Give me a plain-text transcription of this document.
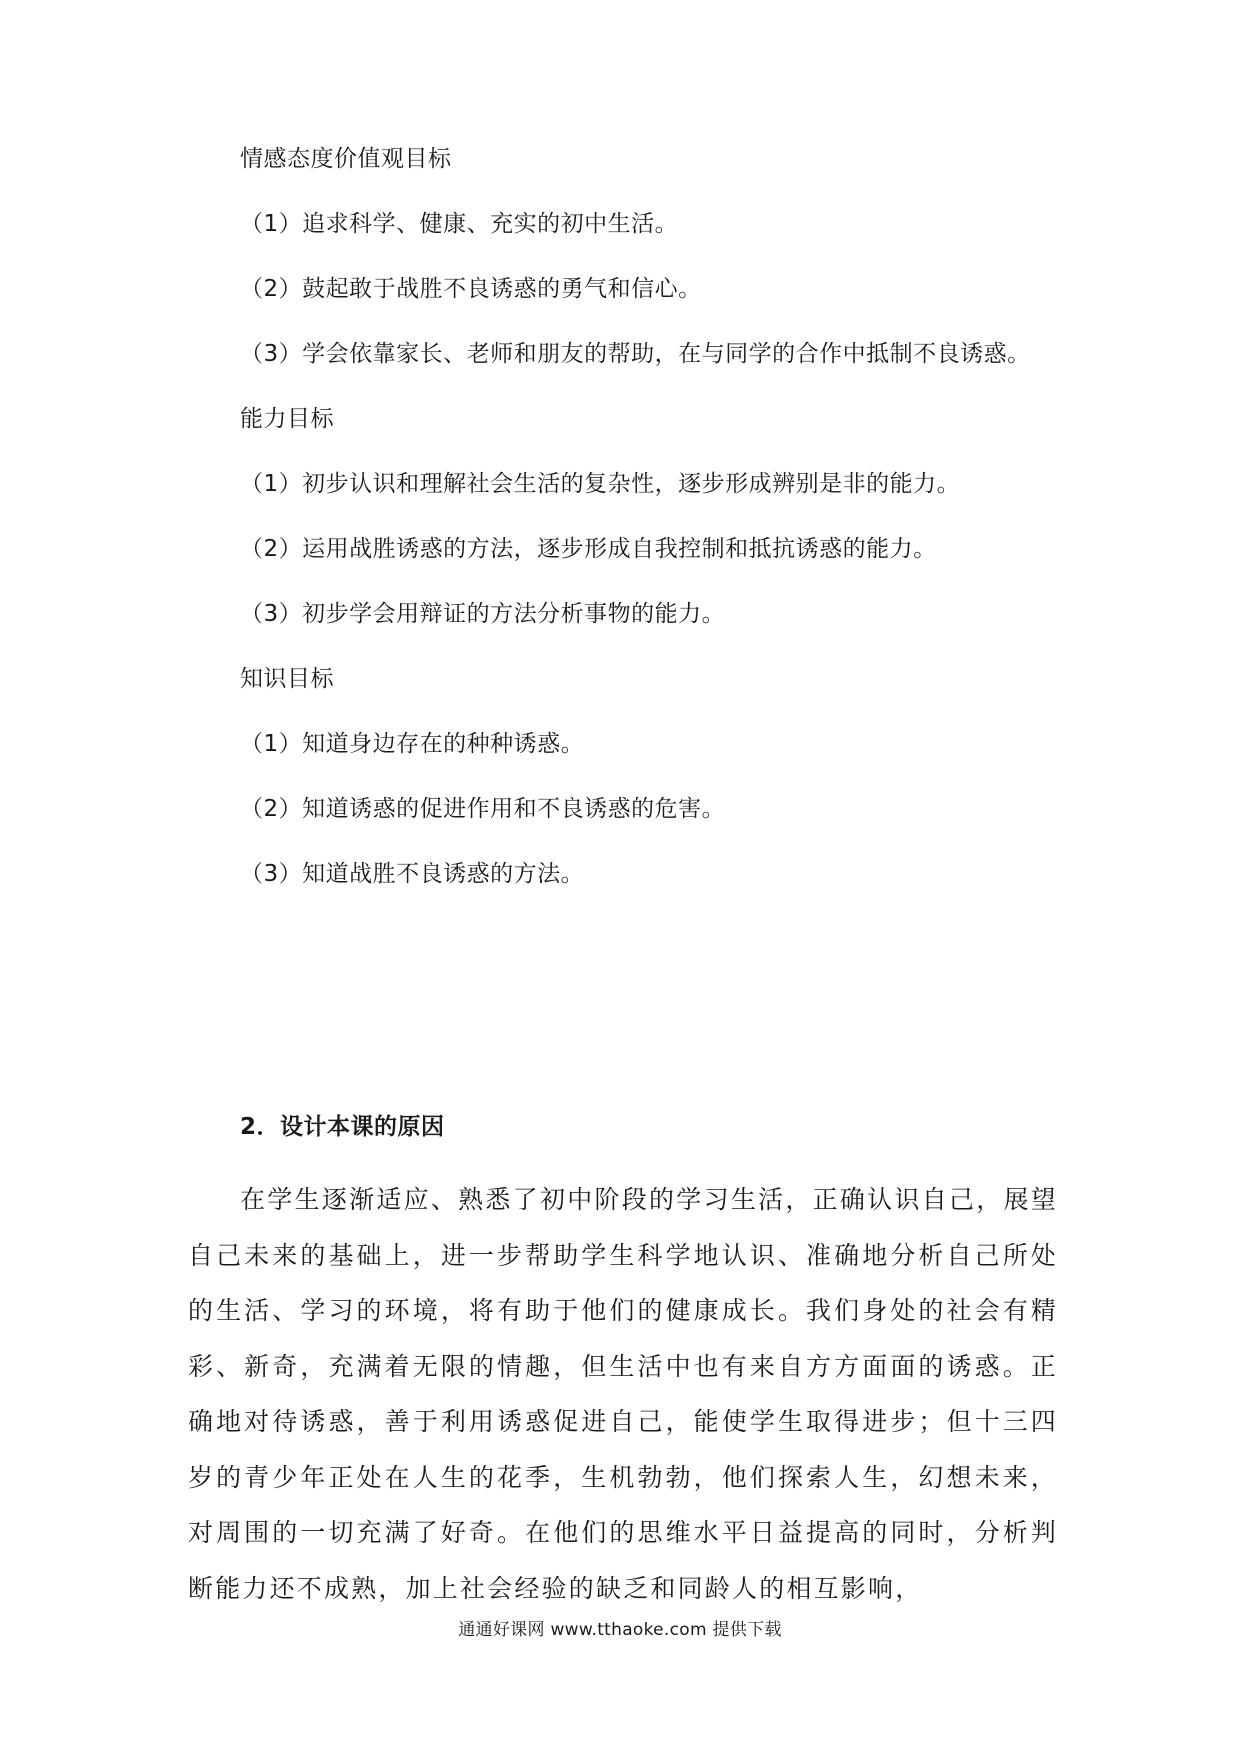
情感态度价值观目标
（1）追求科学、健康、充实的初中生活。
（2）鼓起敢于战胜不良诱惑的勇气和信心。
（3）学会依靠家长、老师和朋友的帮助，在与同学的合作中抵制不良诱惑。
能力目标
（1）初步认识和理解社会生活的复杂性，逐步形成辨别是非的能力。
（2）运用战胜诱惑的方法，逐步形成自我控制和抵抗诱惑的能力。
（3）初步学会用辩证的方法分析事物的能力。
知识目标
（1）知道身边存在的种种诱惑。
（2）知道诱惑的促进作用和不良诱惑的危害。
（3）知道战胜不良诱惑的方法。
2．设计本课的原因

在学生逐渐适应、熟悉了初中阶段的学习生活，正确认识自己，展望自己未来的基础上，进一步帮助学生科学地认识、准确地分析自己所处的生活、学习的环境，将有助于他们的健康成长。我们身处的社会有精彩、新奇，充满着无限的情趣，但生活中也有来自方方面面的诱惑。正确地对待诱惑，善于利用诱惑促进自己，能使学生取得进步；但十三四岁的青少年正处在人生的花季，生机勃勃，他们探索人生，幻想未来，对周围的一切充满了好奇。在他们的思维水平日益提高的同时，分析判断能力还不成熟，加上社会经验的缺乏和同龄人的相互影响，

通通好课网 www.tthaoke.com 提供下载
